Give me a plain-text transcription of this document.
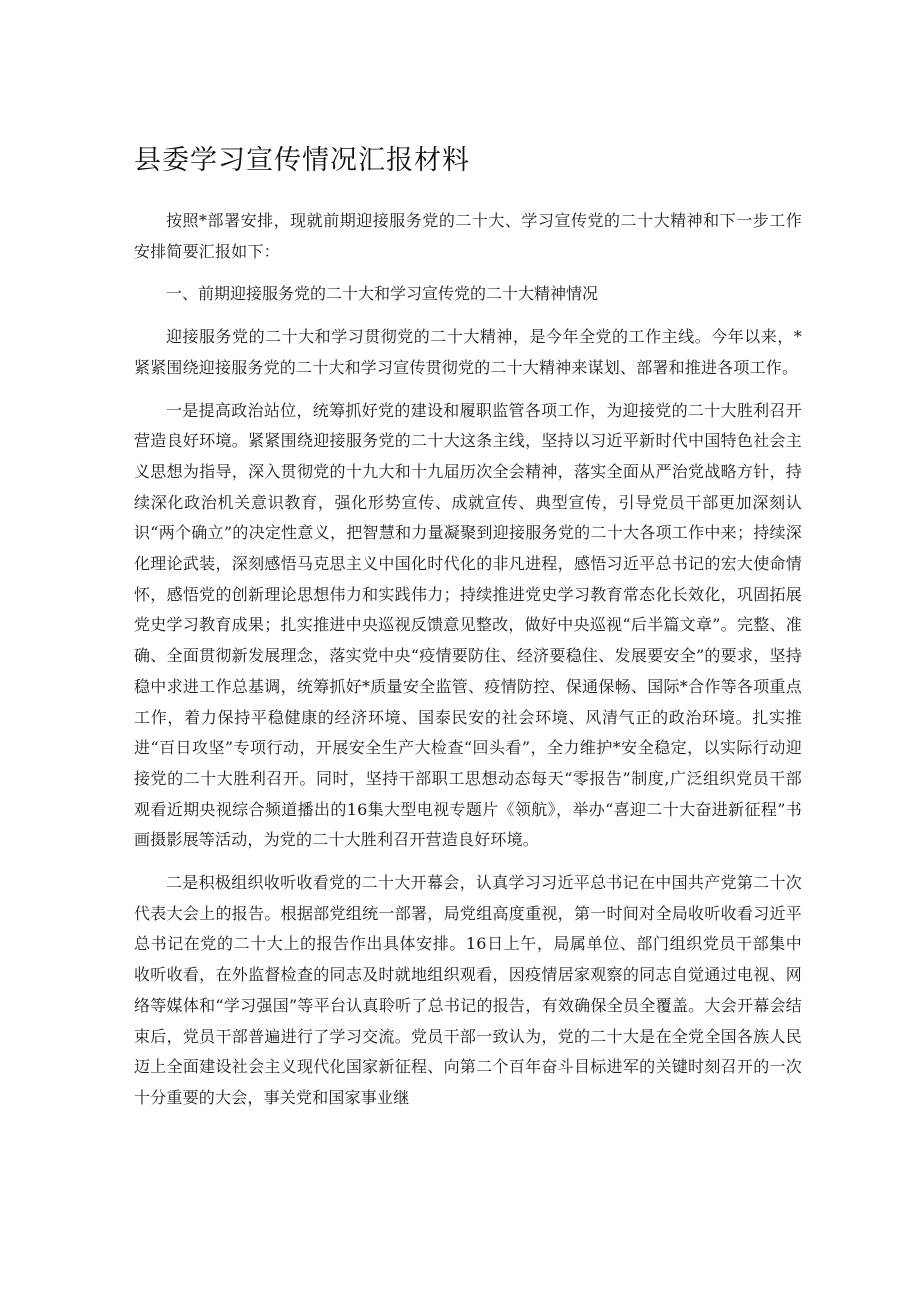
县委学习宣传情况汇报材料

按照*部署安排，现就前期迎接服务党的二十大、学习宣传党的二十大精神和下一步工作安排简要汇报如下：

一、前期迎接服务党的二十大和学习宣传党的二十大精神情况

迎接服务党的二十大和学习贯彻党的二十大精神，是今年全党的工作主线。今年以来，*紧紧围绕迎接服务党的二十大和学习宣传贯彻党的二十大精神来谋划、部署和推进各项工作。

一是提高政治站位，统筹抓好党的建设和履职监管各项工作，为迎接党的二十大胜利召开营造良好环境。紧紧围绕迎接服务党的二十大这条主线，坚持以习近平新时代中国特色社会主义思想为指导，深入贯彻党的十九大和十九届历次全会精神，落实全面从严治党战略方针，持续深化政治机关意识教育，强化形势宣传、成就宣传、典型宣传，引导党员干部更加深刻认识“两个确立”的决定性意义，把智慧和力量凝聚到迎接服务党的二十大各项工作中来；持续深化理论武装，深刻感悟马克思主义中国化时代化的非凡进程，感悟习近平总书记的宏大使命情怀，感悟党的创新理论思想伟力和实践伟力；持续推进党史学习教育常态化长效化，巩固拓展党史学习教育成果；扎实推进中央巡视反馈意见整改，做好中央巡视“后半篇文章”。完整、准确、全面贯彻新发展理念，落实党中央“疫情要防住、经济要稳住、发展要安全”的要求，坚持稳中求进工作总基调，统筹抓好*质量安全监管、疫情防控、保通保畅、国际*合作等各项重点工作，着力保持平稳健康的经济环境、国泰民安的社会环境、风清气正的政治环境。扎实推进“百日攻坚”专项行动，开展安全生产大检查“回头看”，全力维护*安全稳定，以实际行动迎接党的二十大胜利召开。同时，坚持干部职工思想动态每天“零报告”制度,广泛组织党员干部观看近期央视综合频道播出的16集大型电视专题片《领航》，举办“喜迎二十大奋进新征程”书画摄影展等活动，为党的二十大胜利召开营造良好环境。

二是积极组织收听收看党的二十大开幕会，认真学习习近平总书记在中国共产党第二十次代表大会上的报告。根据部党组统一部署，局党组高度重视，第一时间对全局收听收看习近平总书记在党的二十大上的报告作出具体安排。16日上午，局属单位、部门组织党员干部集中收听收看，在外监督检查的同志及时就地组织观看，因疫情居家观察的同志自觉通过电视、网络等媒体和“学习强国”等平台认真聆听了总书记的报告，有效确保全员全覆盖。大会开幕会结束后，党员干部普遍进行了学习交流。党员干部一致认为，党的二十大是在全党全国各族人民迈上全面建设社会主义现代化国家新征程、向第二个百年奋斗目标进军的关键时刻召开的一次十分重要的大会，事关党和国家事业继
